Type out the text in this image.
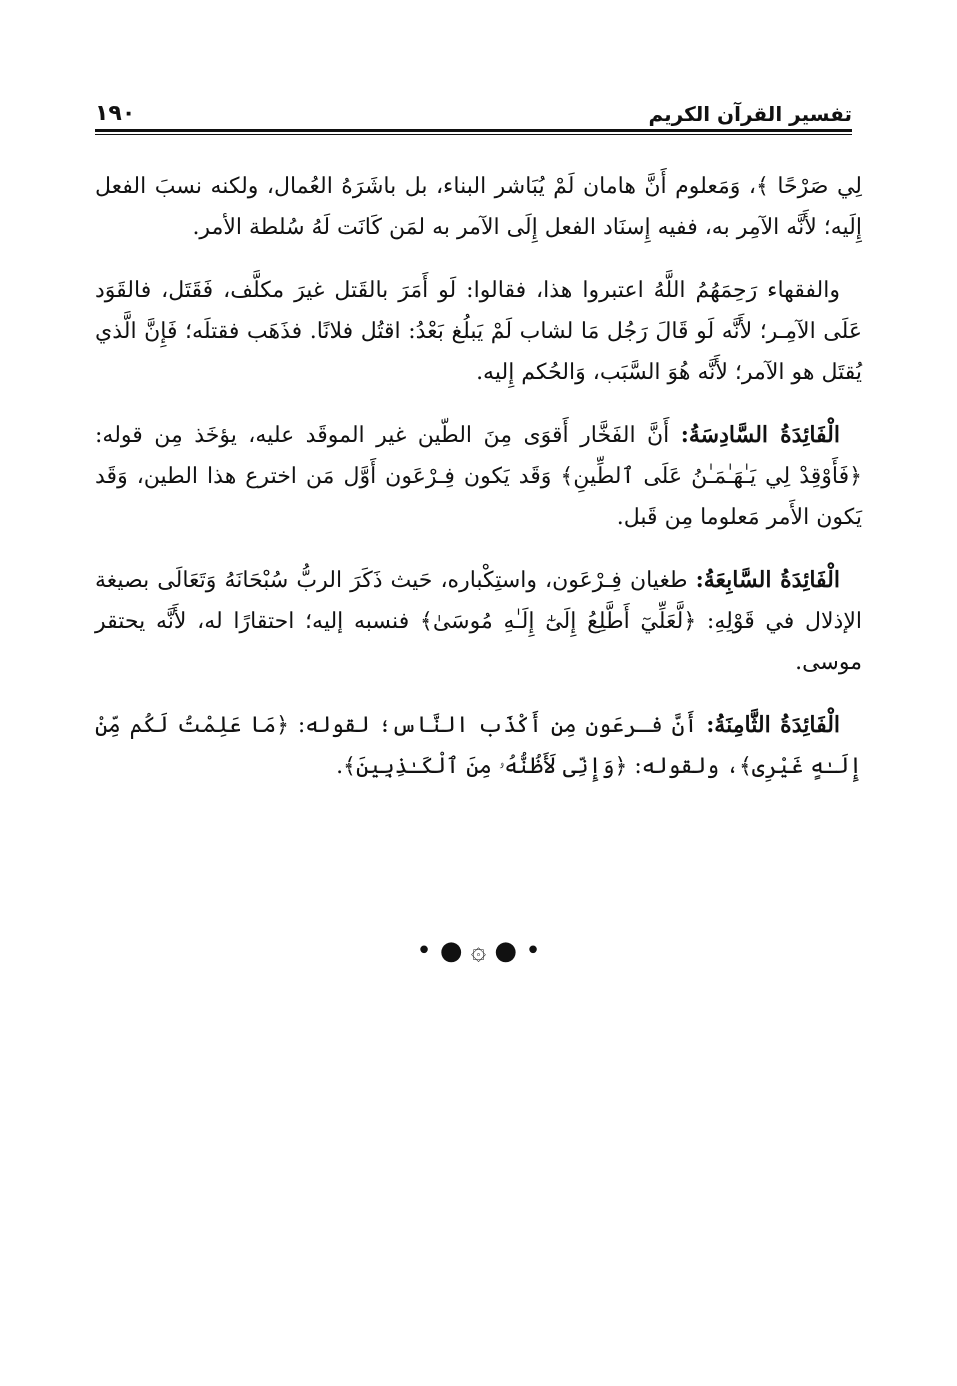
١٩٠	تفسير القرآن الكريم

لِي صَرْحًا ﴾، وَمَعلوم أَنَّ هامان لَمْ يُبَاشر البناء، بل باشَرَهُ العُمال، ولكنه نسبَ الفعل إِلَيه؛ لأَنَّه الآمِر به، ففيه إِسنَاد الفعل إِلَى الآمر به لمَن كَانَت لَهُ سُلطة الأمر.

والفقهاء رَحِمَهُمُ اللَّهُ اعتبروا هذا، فقالوا: لَو أَمَرَ بالقَتل غيرَ مكلَّف، فَقَتَل، فالقَوَد عَلَى الآمِـر؛ لأَنَّه لَو قَالَ رَجُل مَا لشاب لَمْ يَبلُغ بَعْدُ: اقتُل فلانًا. فذَهَب فقتلَه؛ فَإِنَّ الَّذي يُقتَل هو الآمر؛ لأَنَّه هُوَ السَّبَب، وَالحُكم إِليه.

الْفَائِدَةُ السَّادِسَةُ: أَنَّ الفَخَّار أَقوَى مِنَ الطّين غير الموقَد عليه، يؤخَذ مِن قوله: ﴿فَأَوْقِدْ لِي يَـٰهَـٰمَـٰنُ عَلَى ٱلطِّينِ﴾ وَقَد يَكون فِـرْعَون أَوَّل مَن اخترع هذا الطين، وَقَد يَكون الأَمر مَعلوما مِن قَبل.

الْفَائِدَةُ السَّابِعَةُ: طغيان فِـرْعَون، واستِكْباره، حَيث ذَكَرَ الربُّ سُبْحَانَهُ وَتَعَالَى بصيغة الإذلال في قَوْلِهِ: ﴿لَّعَلِّيٓ أَطَّلِعُ إِلَىٰٓ إِلَـٰهِ مُوسَىٰ﴾ فنسبه إليه؛ احتقارًا له، لأَنَّه يحتقر موسى.

الْفَائِدَةُ الثَّامِنَةُ: أَنَّ فـرعَون مِن أَكْذَب النَّاس؛ لقوله: ﴿مَا عَلِمْتُ لَكُم مِّنْ إِلَـٰهٍ غَيْرِى﴾، ولقوله: ﴿وَإِنِّى لَأَظُنُّهُۥ مِنَ ٱلْكَـٰذِبِينَ﴾.

• ● ۞ ● •
